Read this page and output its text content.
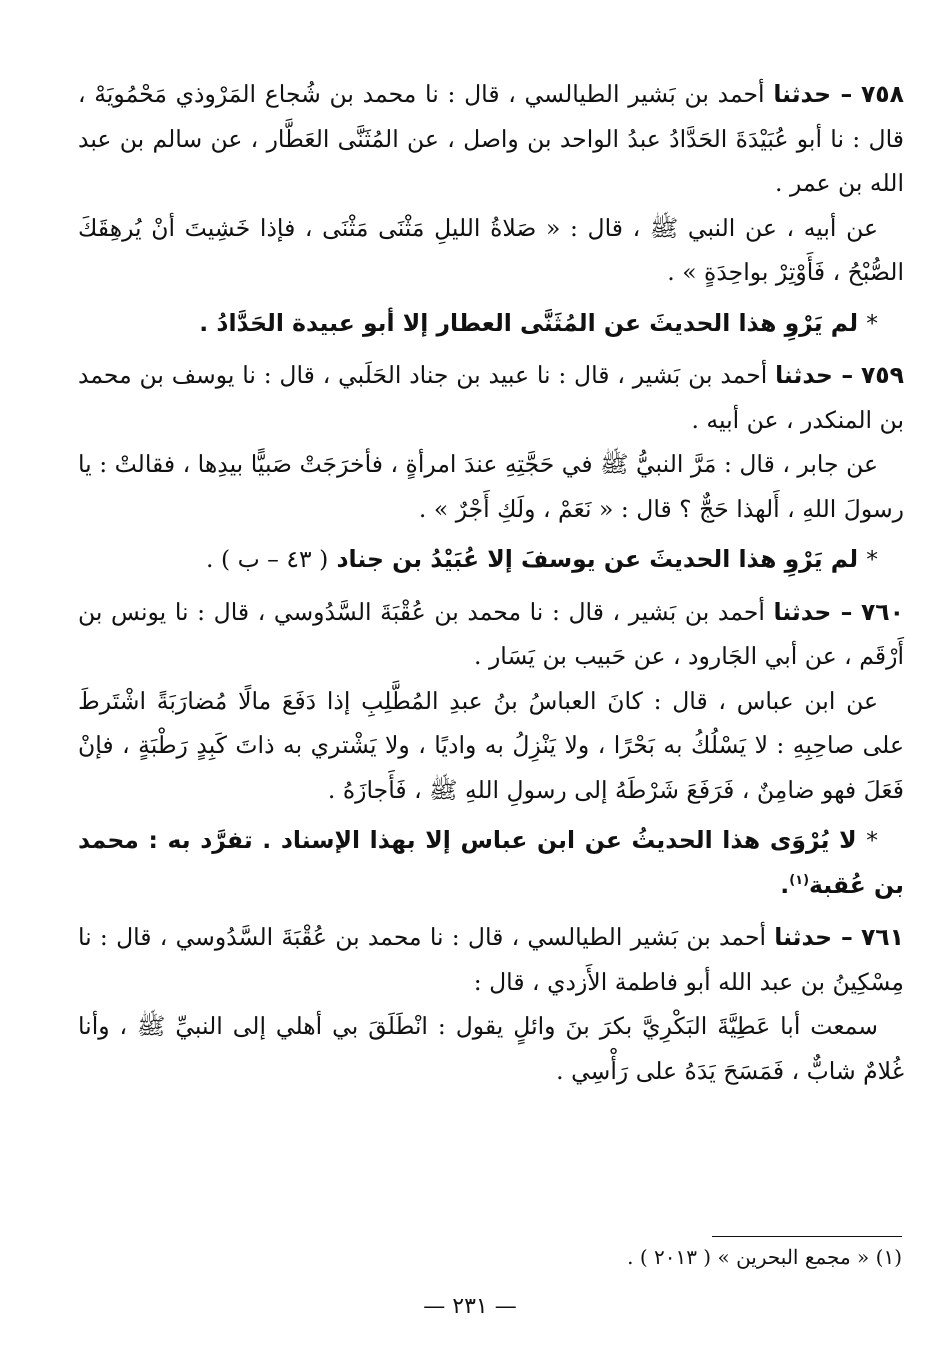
٧٥٨ – حدثنا أحمد بن بَشير الطيالسي ، قال : نا محمد بن شُجاع المَرْوذي مَحْمُويَهْ ، قال : نا أبو عُبَيْدَةَ الحَدَّادُ عبدُ الواحد بن واصل ، عن المُثَنَّى العَطَّار ، عن سالم بن عبد الله بن عمر .

عن أبيه ، عن النبي ﷺ ، قال : « صَلاةُ الليلِ مَثْنَى مَثْنَى ، فإذا خَشِيتَ أنْ يُرهِقَكَ الصُّبْحُ ، فَأَوْتِرْ بواحِدَةٍ » .

* لم يَرْوِ هذا الحديثَ عن المُثَنَّى العطار إلا أبو عبيدة الحَدَّادُ .

٧٥٩ – حدثنا أحمد بن بَشير ، قال : نا عبيد بن جناد الحَلَبي ، قال : نا يوسف بن محمد بن المنكدر ، عن أبيه .

عن جابر ، قال : مَرَّ النبيُّ ﷺ في حَجَّتِهِ عندَ امرأةٍ ، فأخرَجَتْ صَبيًّا بيدِها ، فقالتْ : يا رسولَ اللهِ ، أَلهذا حَجٌّ ؟ قال : « نَعَمْ ، ولَكِ أَجْرٌ » .

* لم يَرْوِ هذا الحديثَ عن يوسفَ إلا عُبَيْدُ بن جناد ( ٤٣ – ب ) .

٧٦٠ – حدثنا أحمد بن بَشير ، قال : نا محمد بن عُقْبَةَ السَّدُوسي ، قال : نا يونس بن أَرْقَم ، عن أبي الجَارود ، عن حَبيب بن يَسَار .

عن ابن عباس ، قال : كانَ العباسُ بنُ عبدِ المُطَّلِبِ إذا دَفَعَ مالًا مُضارَبَةً اشْتَرطَ على صاحِبِهِ : لا يَسْلُكُ به بَحْرًا ، ولا يَنْزِلُ به واديًا ، ولا يَشْتري به ذاتَ كَبِدٍ رَطْبَةٍ ، فإنْ فَعَلَ فهو ضامِنٌ ، فَرَفَعَ شَرْطَهُ إلى رسولِ اللهِ ﷺ ، فَأَجازَهُ .

* لا يُرْوَى هذا الحديثُ عن ابن عباس إلا بهذا الإسناد . تفرَّد به : محمد بن عُقبة$^{(١)}$.

٧٦١ – حدثنا أحمد بن بَشير الطيالسي ، قال : نا محمد بن عُقْبَةَ السَّدُوسي ، قال : نا مِسْكِينُ بن عبد الله أبو فاطمة الأَزدي ، قال :

سمعت أبا عَطِيَّةَ البَكْرِيَّ بكرَ بنَ وائلٍ يقول : انْطَلَقَ بي أهلي إلى النبيِّ ﷺ ، وأنا غُلامٌ شابٌّ ، فَمَسَحَ يَدَهُ على رَأْسِي .

(١) « مجمع البحرين » ( ٢٠١٣ ) .
— ٢٣١ —
